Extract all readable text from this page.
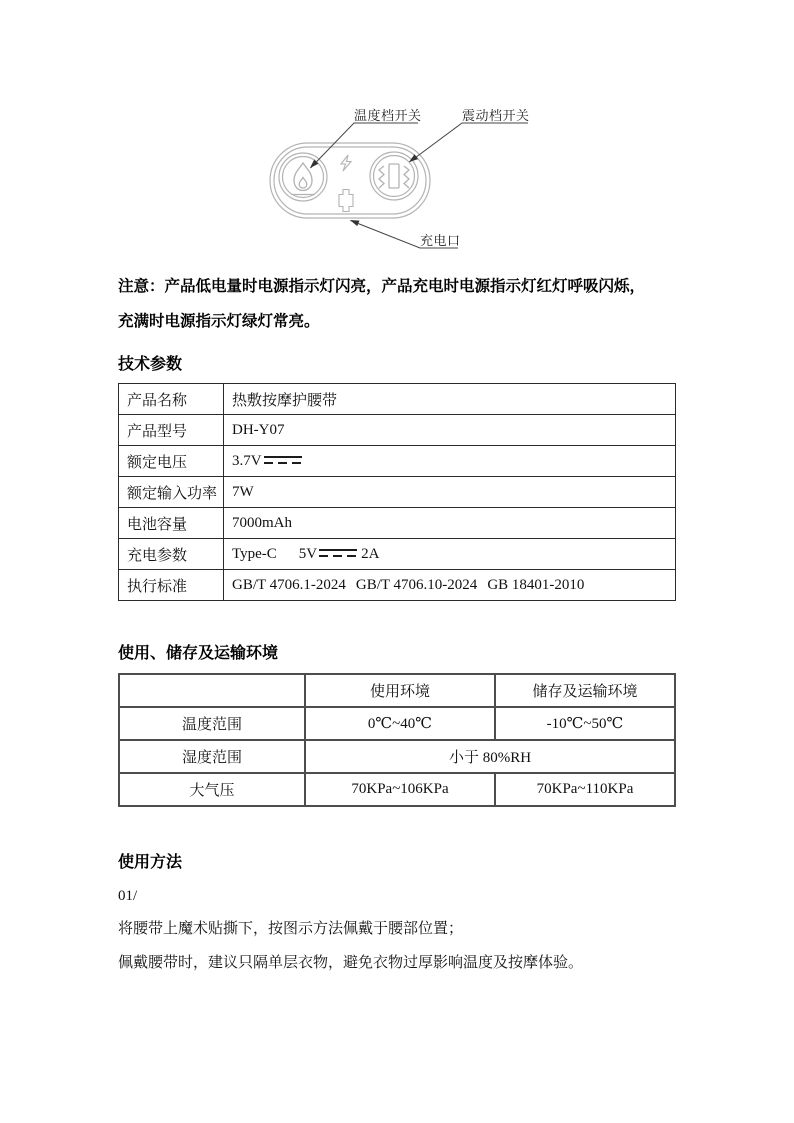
温度档开关	震动档开关
充电口
注意：产品低电量时电源指示灯闪亮，产品充电时电源指示灯红灯呼吸闪烁，
充满时电源指示灯绿灯常亮。
技术参数
产品名称	热敷按摩护腰带
产品型号	DH-Y07
额定电压	3.7V
额定输入功率	7W
电池容量	7000mAh
充电参数	Type-C 5V 2A
执行标准	GB/T 4706.1-2024 GB/T 4706.10-2024 GB 18401-2010
使用、储存及运输环境
	使用环境	储存及运输环境
温度范围	0℃~40℃	-10℃~50℃
湿度范围	小于 80%RH	
大气压	70KPa~106KPa	70KPa~110KPa
使用方法
01/
将腰带上魔术贴撕下，按图示方法佩戴于腰部位置；
佩戴腰带时，建议只隔单层衣物，避免衣物过厚影响温度及按摩体验。
